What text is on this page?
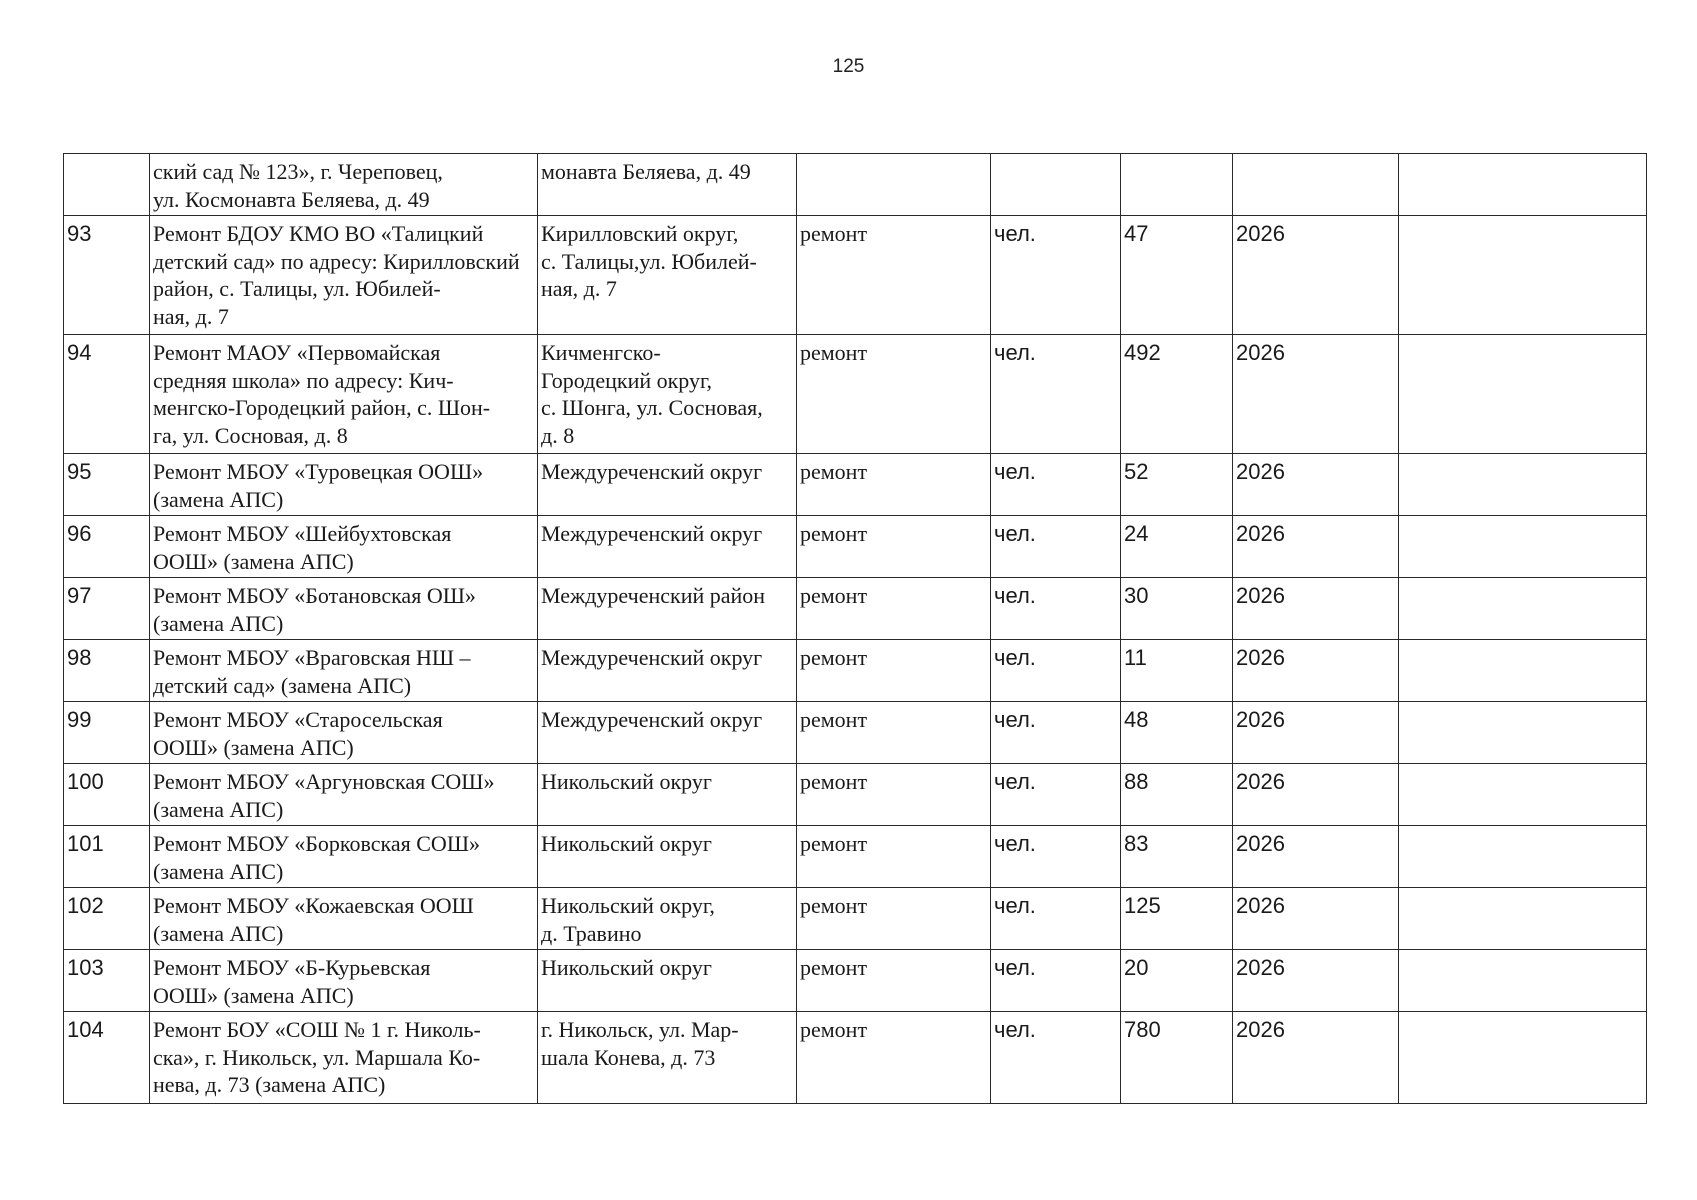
125

	ский сад № 123», г. Череповец,
ул. Космонавта Беляева, д. 49	монавта Беляева, д. 49					

93	Ремонт БДОУ КМО ВО «Талицкий
детский сад» по адресу: Кирилловский район, с. Талицы, ул. Юбилей-
ная, д. 7	Кирилловский округ,
с. Талицы,ул. Юбилей-
ная, д. 7	ремонт	чел.	47	2026	

94	Ремонт МАОУ «Первомайская
средняя школа» по адресу: Кич-
менгско-Городецкий район, с. Шон-
га, ул. Сосновая, д. 8	Кичменгско-
Городецкий округ,
с. Шонга, ул. Сосновая,
д. 8	ремонт	чел.	492	2026	

95	Ремонт МБОУ «Туровецкая ООШ»
(замена АПС)	Междуреченский округ	ремонт	чел.	52	2026	

96	Ремонт МБОУ «Шейбухтовская
ООШ» (замена АПС)	Междуреченский округ	ремонт	чел.	24	2026	

97	Ремонт МБОУ «Ботановская ОШ»
(замена АПС)	Междуреченский район	ремонт	чел.	30	2026	

98	Ремонт МБОУ «Враговская НШ –
детский сад» (замена АПС)	Междуреченский округ	ремонт	чел.	11	2026	

99	Ремонт МБОУ «Старосельская
ООШ» (замена АПС)	Междуреченский округ	ремонт	чел.	48	2026	

100	Ремонт МБОУ «Аргуновская СОШ»
(замена АПС)	Никольский округ	ремонт	чел.	88	2026	

101	Ремонт МБОУ «Борковская СОШ»
(замена АПС)	Никольский округ	ремонт	чел.	83	2026	

102	Ремонт МБОУ «Кожаевская ООШ
(замена АПС)	Никольский округ,
д. Травино	ремонт	чел.	125	2026	

103	Ремонт МБОУ «Б-Курьевская
ООШ» (замена АПС)	Никольский округ	ремонт	чел.	20	2026	

104	Ремонт БОУ «СОШ № 1 г. Николь-
ска», г. Никольск, ул. Маршала Ко-
нева, д. 73 (замена АПС)	г. Никольск, ул. Мар-
шала Конева, д. 73	ремонт	чел.	780	2026	
